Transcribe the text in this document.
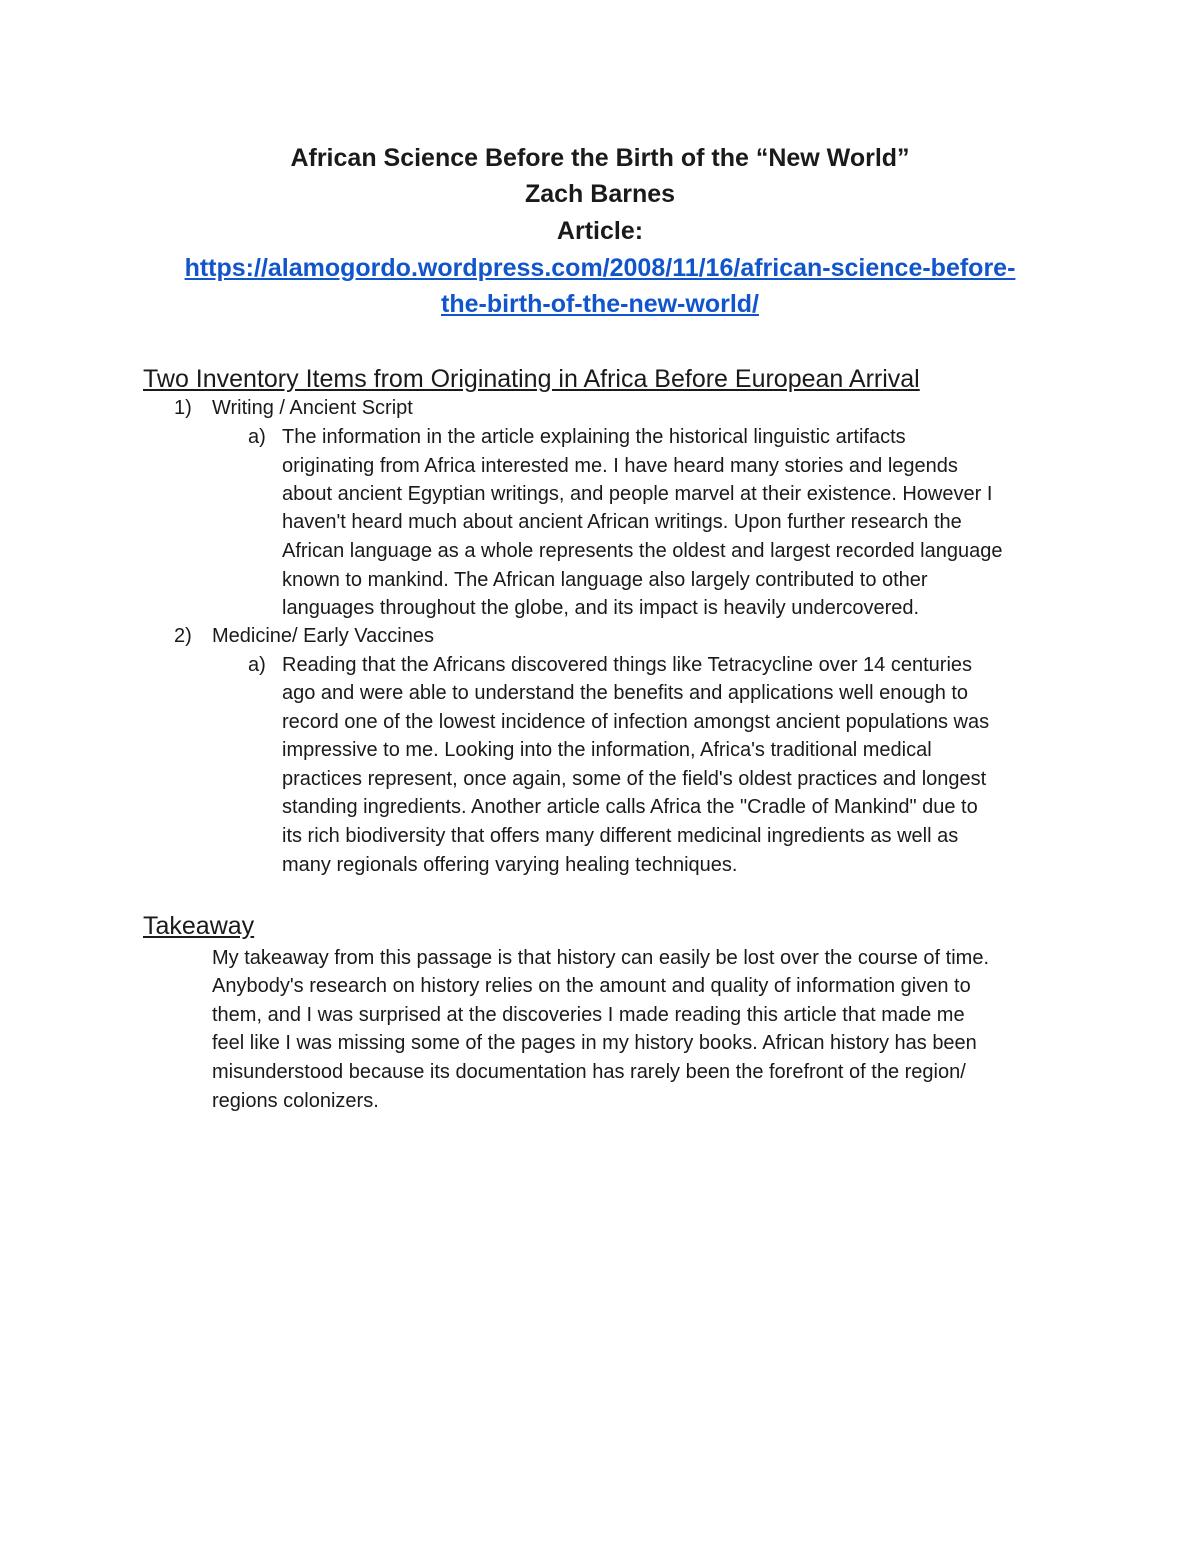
African Science Before the Birth of the “New World”
Zach Barnes
Article:
https://alamogordo.wordpress.com/2008/11/16/african-science-before-
the-birth-of-the-new-world/
Two Inventory Items from Originating in Africa Before European Arrival
1) Writing / Ancient Script
a) The information in the article explaining the historical linguistic artifacts
originating from Africa interested me. I have heard many stories and legends
about ancient Egyptian writings, and people marvel at their existence. However I
haven't heard much about ancient African writings. Upon further research the
African language as a whole represents the oldest and largest recorded language
known to mankind. The African language also largely contributed to other
languages throughout the globe, and its impact is heavily undercovered.
2) Medicine/ Early Vaccines
a) Reading that the Africans discovered things like Tetracycline over 14 centuries
ago and were able to understand the benefits and applications well enough to
record one of the lowest incidence of infection amongst ancient populations was
impressive to me. Looking into the information, Africa's traditional medical
practices represent, once again, some of the field's oldest practices and longest
standing ingredients. Another article calls Africa the "Cradle of Mankind" due to
its rich biodiversity that offers many different medicinal ingredients as well as
many regionals offering varying healing techniques.
Takeaway
My takeaway from this passage is that history can easily be lost over the course of time.
Anybody's research on history relies on the amount and quality of information given to
them, and I was surprised at the discoveries I made reading this article that made me
feel like I was missing some of the pages in my history books. African history has been
misunderstood because its documentation has rarely been the forefront of the region/
regions colonizers.
